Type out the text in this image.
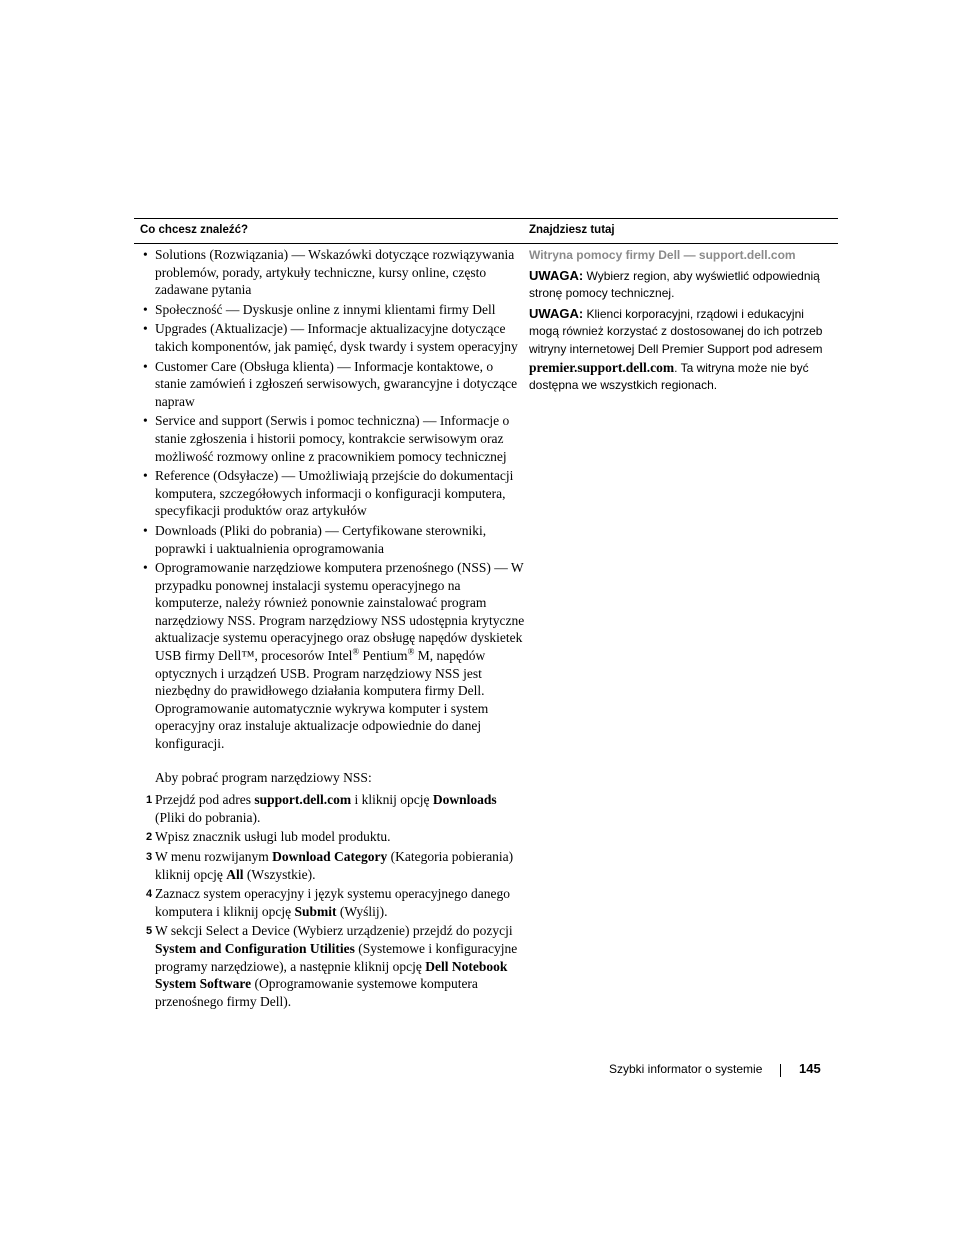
Co chcesz znaleźć?	Znajdziesz tutaj
• Solutions (Rozwiązania) — Wskazówki dotyczące rozwiązywania problemów, porady, artykuły techniczne, kursy online, często zadawane pytania
• Społeczność — Dyskusje online z innymi klientami firmy Dell
• Upgrades (Aktualizacje) — Informacje aktualizacyjne dotyczące takich komponentów, jak pamięć, dysk twardy i system operacyjny
• Customer Care (Obsługa klienta) — Informacje kontaktowe, o stanie zamówień i zgłoszeń serwisowych, gwarancyjne i dotyczące napraw
• Service and support (Serwis i pomoc techniczna) — Informacje o stanie zgłoszenia i historii pomocy, kontrakcie serwisowym oraz możliwość rozmowy online z pracownikiem pomocy technicznej
• Reference (Odsyłacze) — Umożliwiają przejście do dokumentacji komputera, szczegółowych informacji o konfiguracji komputera, specyfikacji produktów oraz artykułów
• Downloads (Pliki do pobrania) — Certyfikowane sterowniki, poprawki i uaktualnienia oprogramowania
• Oprogramowanie narzędziowe komputera przenośnego (NSS) — W przypadku ponownej instalacji systemu operacyjnego na komputerze, należy również ponownie zainstalować program narzędziowy NSS. Program narzędziowy NSS udostępnia krytyczne aktualizacje systemu operacyjnego oraz obsługę napędów dyskietek USB firmy Dell™, procesorów Intel® Pentium® M, napędów optycznych i urządzeń USB. Program narzędziowy NSS jest niezbędny do prawidłowego działania komputera firmy Dell. Oprogramowanie automatycznie wykrywa komputer i system operacyjny oraz instaluje aktualizacje odpowiednie do danej konfiguracji.
Aby pobrać program narzędziowy NSS:
1 Przejdź pod adres support.dell.com i kliknij opcję Downloads (Pliki do pobrania).
2 Wpisz znacznik usługi lub model produktu.
3 W menu rozwijanym Download Category (Kategoria pobierania) kliknij opcję All (Wszystkie).
4 Zaznacz system operacyjny i język systemu operacyjnego danego komputera i kliknij opcję Submit (Wyślij).
5 W sekcji Select a Device (Wybierz urządzenie) przejdź do pozycji System and Configuration Utilities (Systemowe i konfiguracyjne programy narzędziowe), a następnie kliknij opcję Dell Notebook System Software (Oprogramowanie systemowe komputera przenośnego firmy Dell).
Witryna pomocy firmy Dell — support.dell.com
UWAGA: Wybierz region, aby wyświetlić odpowiednią stronę pomocy technicznej.
UWAGA: Klienci korporacyjni, rządowi i edukacyjni mogą również korzystać z dostosowanej do ich potrzeb witryny internetowej Dell Premier Support pod adresem premier.support.dell.com. Ta witryna może nie być dostępna we wszystkich regionach.
Szybki informator o systemie	145
